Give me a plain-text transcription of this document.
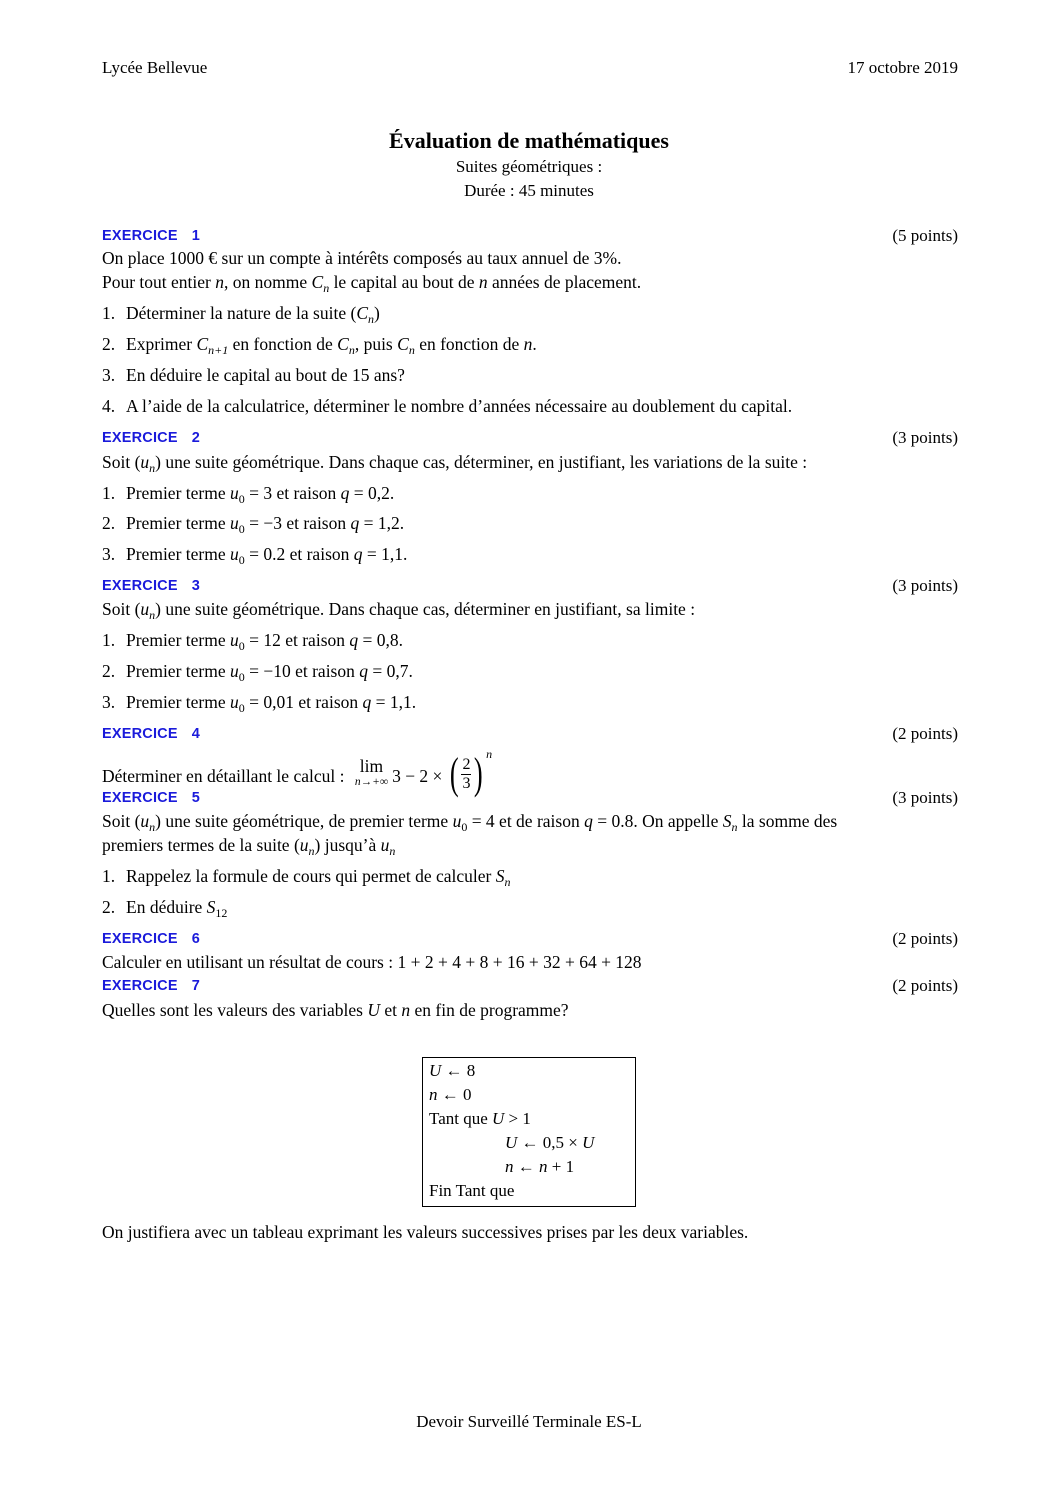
Lycée Bellevue	17 octobre 2019
Évaluation de mathématiques
Suites géométriques :
Durée : 45 minutes
EXERCICE 1	(5 points)
On place 1000 € sur un compte à intérêts composés au taux annuel de 3%.
Pour tout entier n, on nomme $C_n$ le capital au bout de n années de placement.
1. Déterminer la nature de la suite $(C_n)$
2. Exprimer $C_{n+1}$ en fonction de $C_n$, puis $C_n$ en fonction de n.
3. En déduire le capital au bout de 15 ans?
4. A l’aide de la calculatrice, déterminer le nombre d’années nécessaire au doublement du capital.
EXERCICE 2	(3 points)
Soit $(u_n)$ une suite géométrique. Dans chaque cas, déterminer, en justifiant, les variations de la suite :
1. Premier terme $u_0 = 3$ et raison q = 0,2.
2. Premier terme $u_0 = -3$ et raison q = 1,2.
3. Premier terme $u_0 = 0.2$ et raison q = 1,1.
EXERCICE 3	(3 points)
Soit $(u_n)$ une suite géométrique. Dans chaque cas, déterminer en justifiant, sa limite :
1. Premier terme $u_0 = 12$ et raison q = 0,8.
2. Premier terme $u_0 = -10$ et raison q = 0,7.
3. Premier terme $u_0 = 0,01$ et raison q = 1,1.
EXERCICE 4	(2 points)
Déterminer en détaillant le calcul :
lim
n→+∞ 3 − 2 × ( $\frac{2}{3}$ ) n
EXERCICE 5	(3 points)
Soit $(u_n)$ une suite géométrique, de premier terme $u_0 = 4$ et de raison q = 0.8. On appelle $S_n$ la somme des
premiers termes de la suite $(u_n)$ jusqu’à $u_n$
1. Rappelez la formule de cours qui permet de calculer $S_n$
2. En déduire $S_{12}$
EXERCICE 6	(2 points)
Calculer en utilisant un résultat de cours : 1 + 2 + 4 + 8 + 16 + 32 + 64 + 128
EXERCICE 7	(2 points)
Quelles sont les valeurs des variables U et n en fin de programme?
U ← 8
n ← 0
Tant que U > 1
U ← 0,5 × U
n ← n + 1
Fin Tant que
On justifiera avec un tableau exprimant les valeurs successives prises par les deux variables.
Devoir Surveillé Terminale ES-L
